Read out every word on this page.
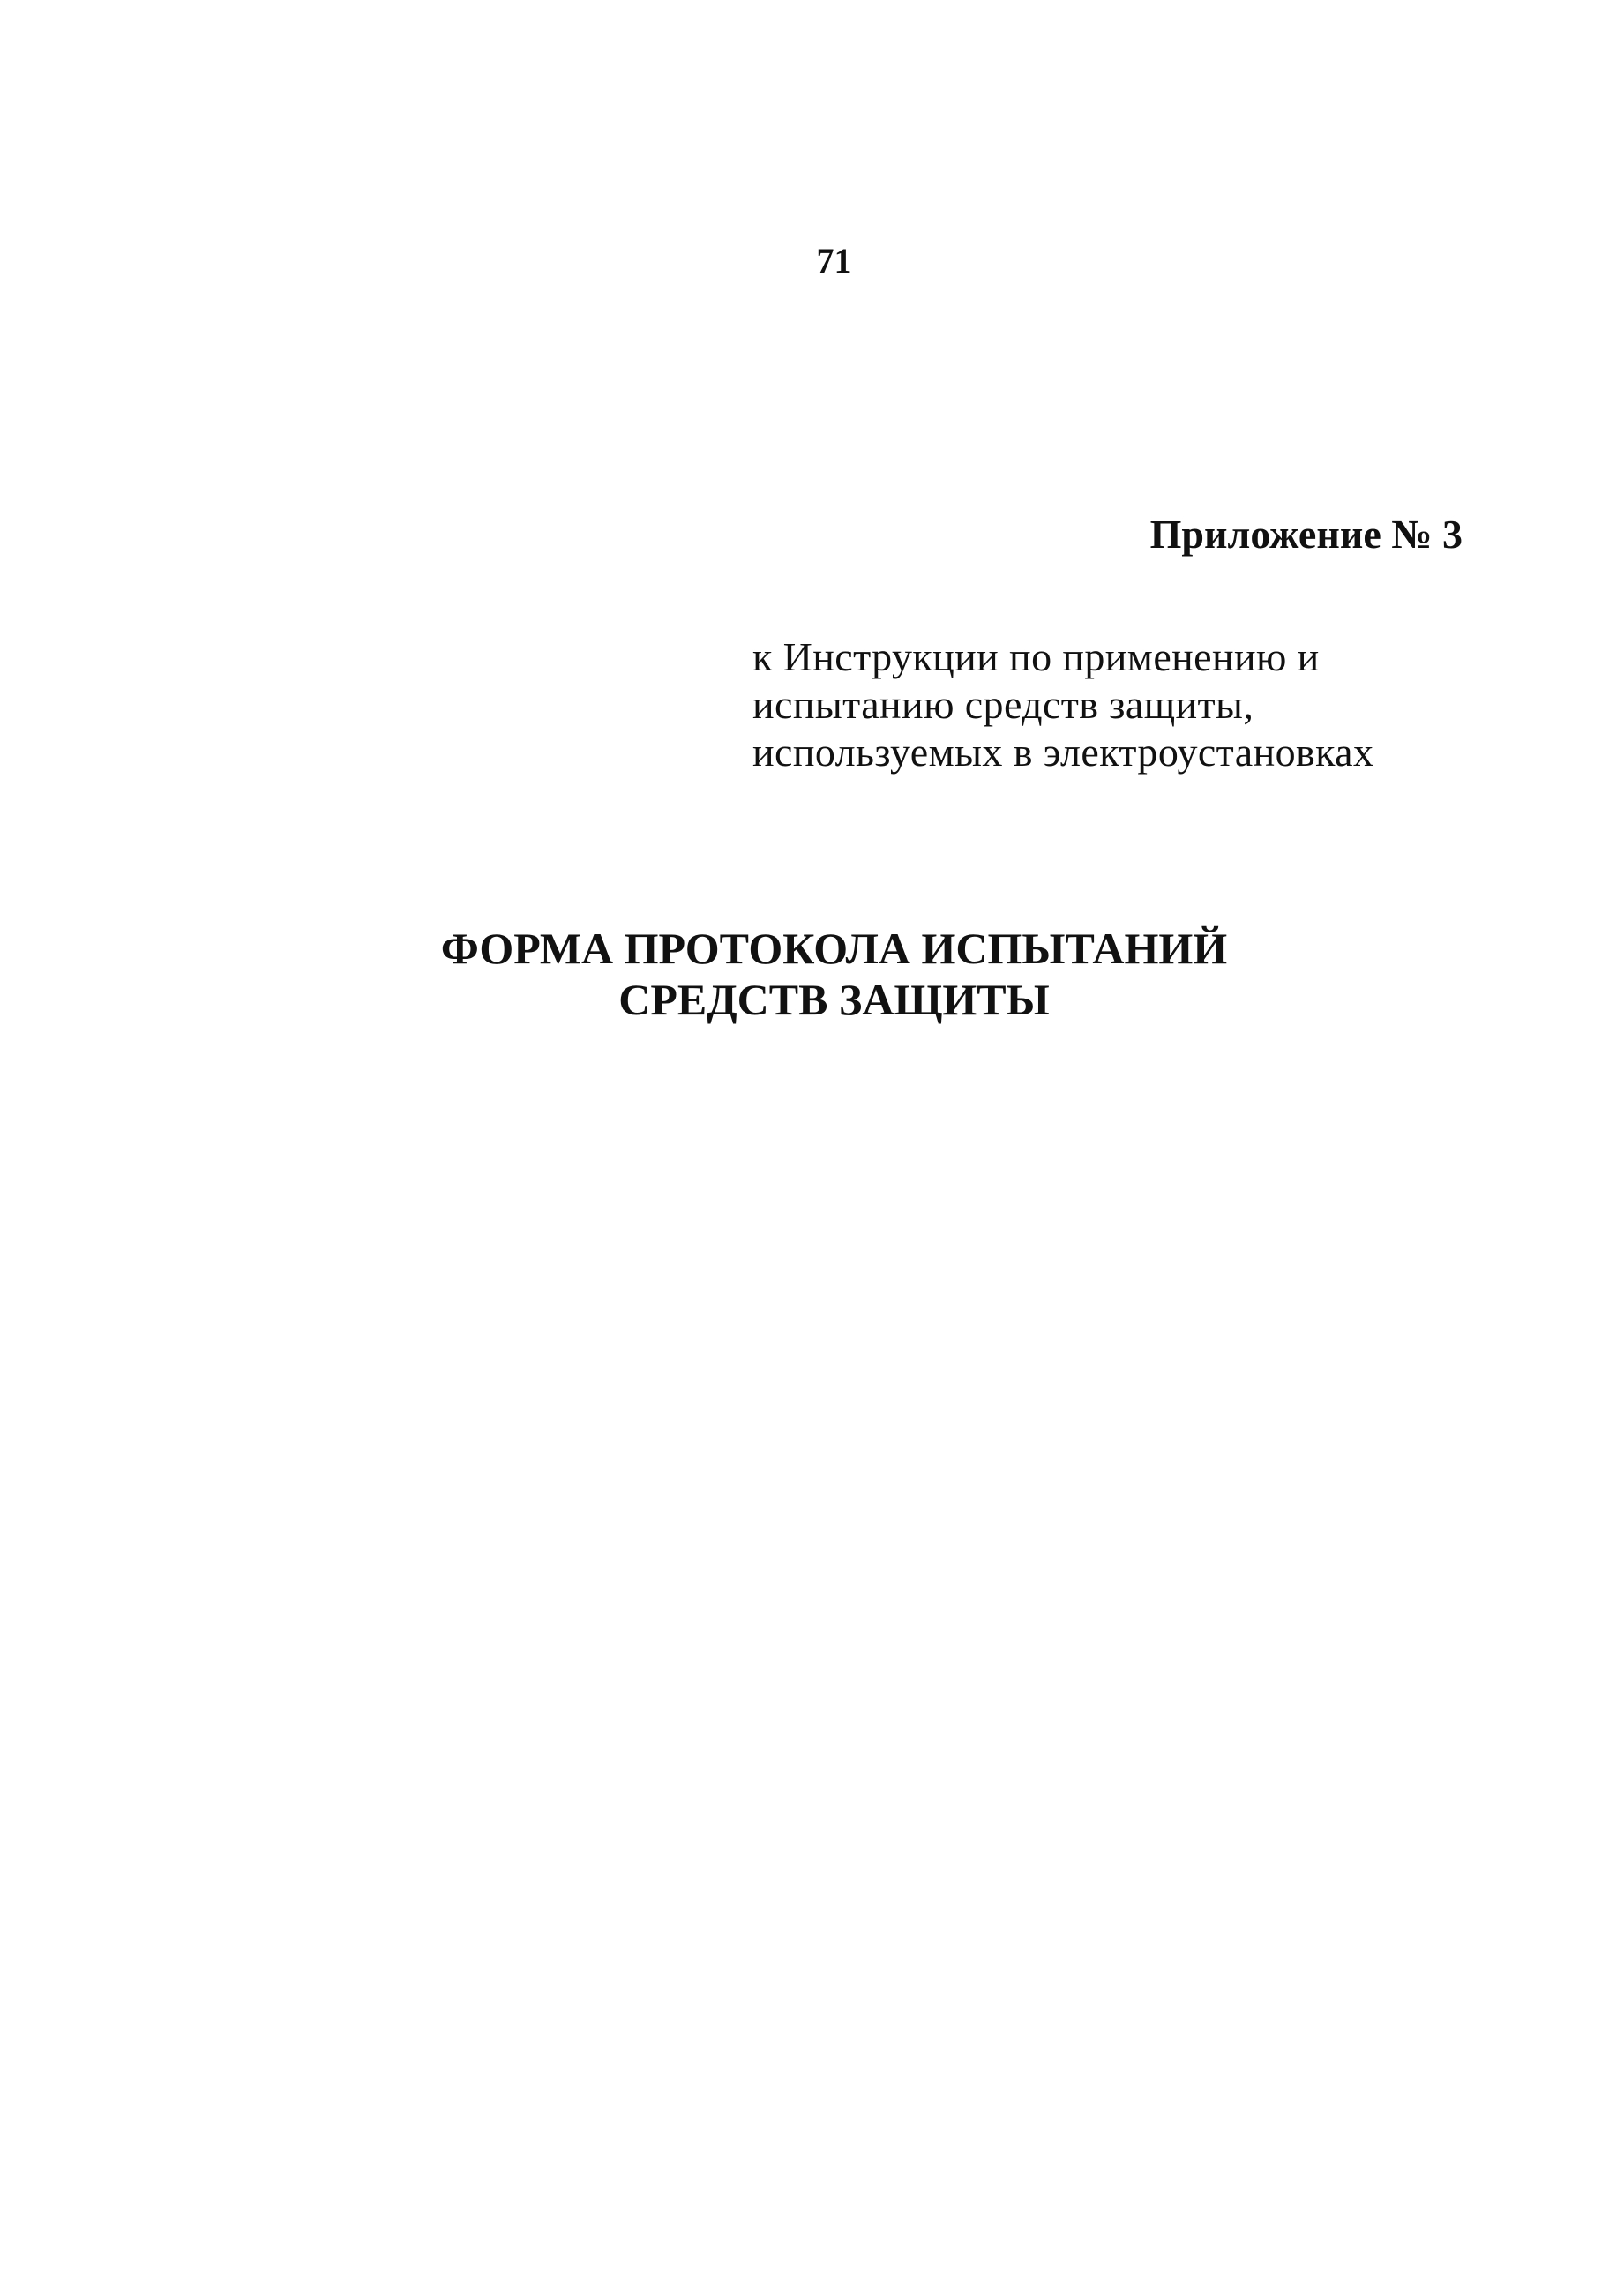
71
Приложение № 3
к Инструкции по применению и
испытанию средств защиты,
используемых в электроустановках
ФОРМА ПРОТОКОЛА ИСПЫТАНИЙ
СРЕДСТВ ЗАЩИТЫ
